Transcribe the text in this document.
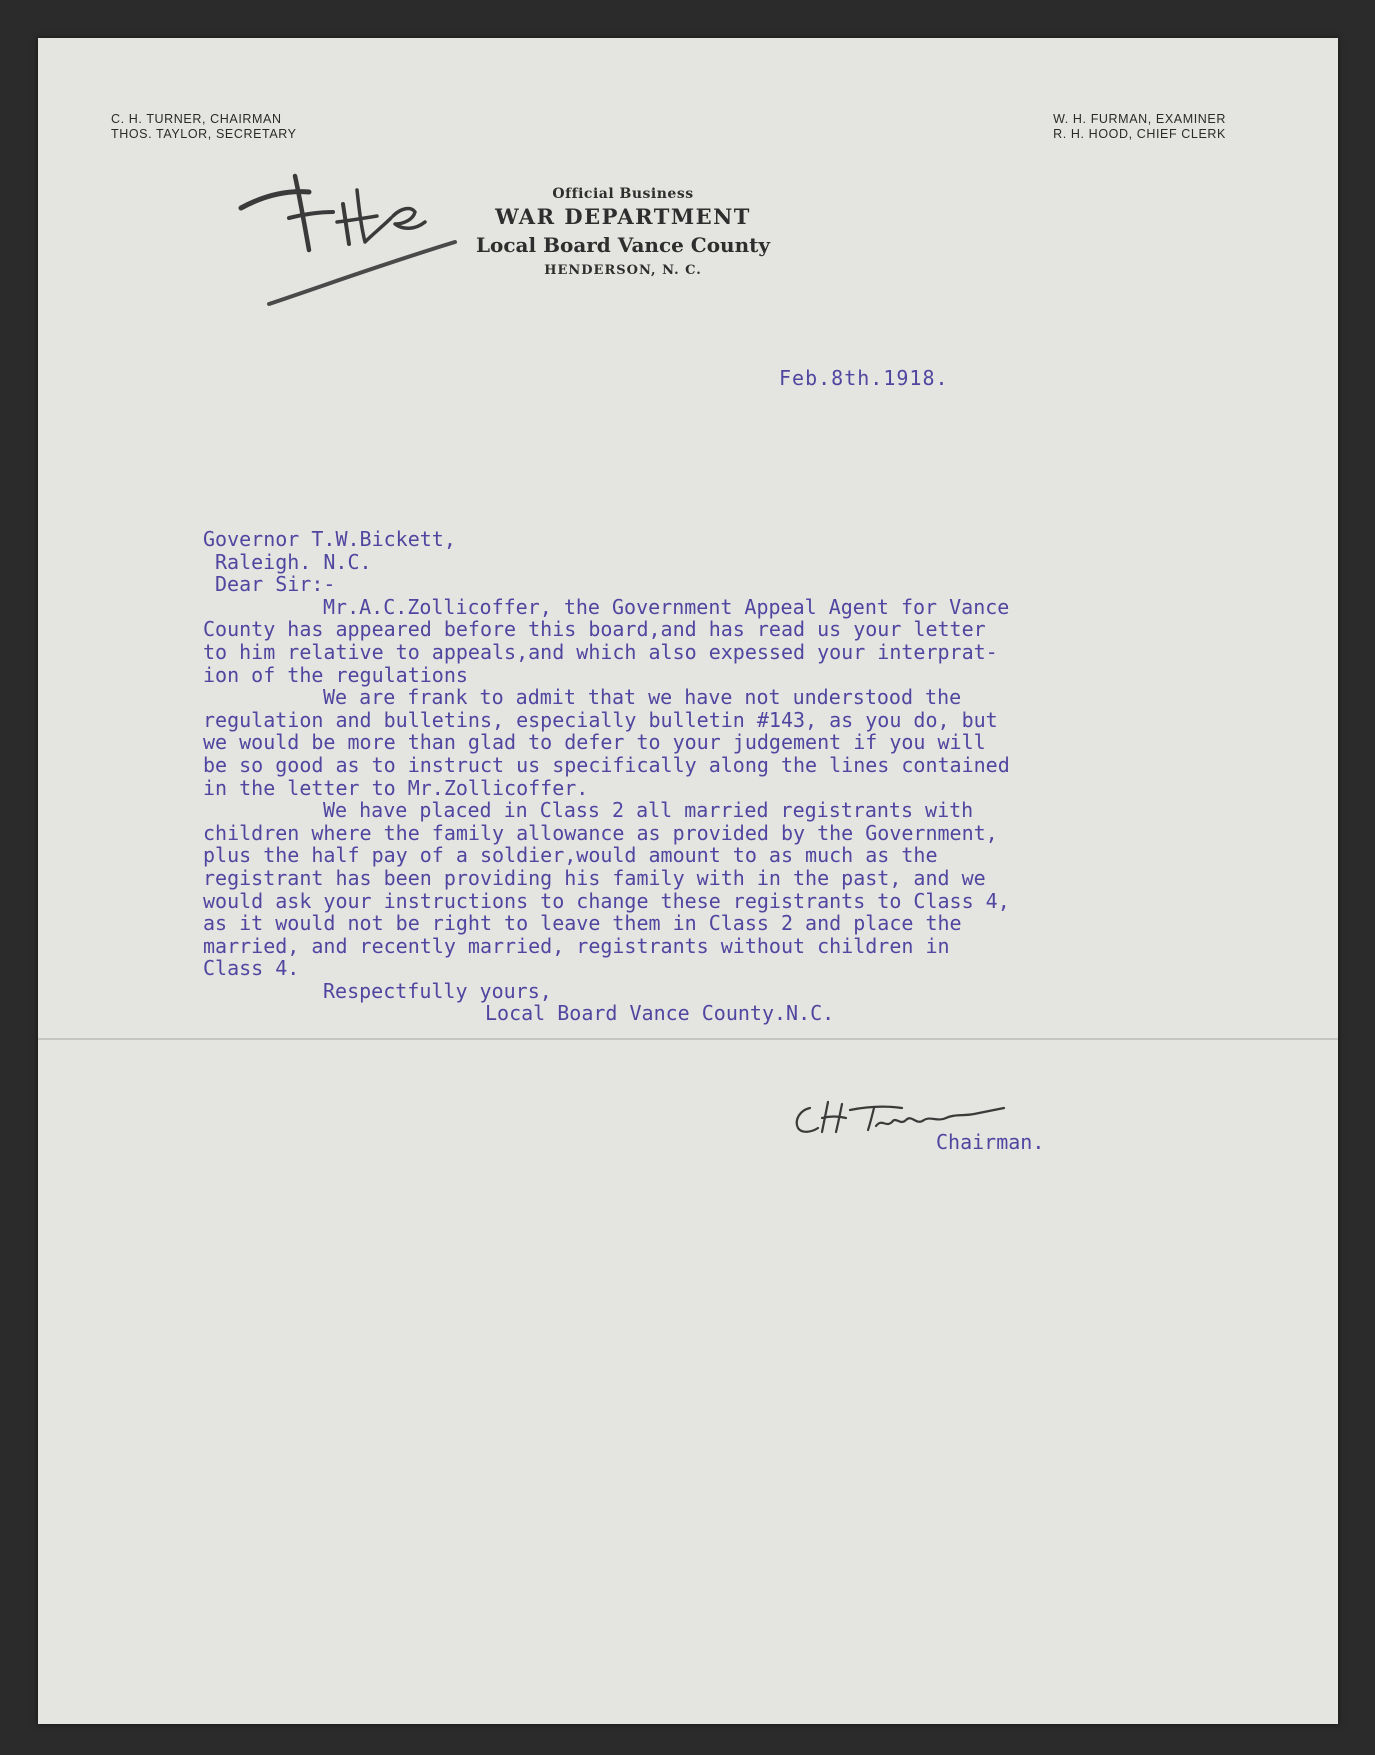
C. H. TURNER, CHAIRMAN
THOS. TAYLOR, SECRETARY
W. H. FURMAN, EXAMINER
R. H. HOOD, CHIEF CLERK
Official Business
WAR DEPARTMENT
Local Board Vance County
HENDERSON, N. C.
Feb.8th.1918.
Governor T.W.Bickett,
Raleigh. N.C.
Dear Sir:-
Mr.A.C.Zollicoffer, the Government Appeal Agent for Vance
County has appeared before this board,and has read us your letter
to him relative to appeals,and which also expessed your interprat-
ion of the regulations
We are frank to admit that we have not understood the
regulation and bulletins, especially bulletin #143, as you do, but
we would be more than glad to defer to your judgement if you will
be so good as to instruct us specifically along the lines contained
in the letter to Mr.Zollicoffer.
We have placed in Class 2 all married registrants with
children where the family allowance as provided by the Government,
plus the half pay of a soldier,would amount to as much as the
registrant has been providing his family with in the past, and we
would ask your instructions to change these registrants to Class 4,
as it would not be right to leave them in Class 2 and place the
married, and recently married, registrants without children in
Class 4.
Respectfully yours,
Local Board Vance County.N.C.
Chairman.
